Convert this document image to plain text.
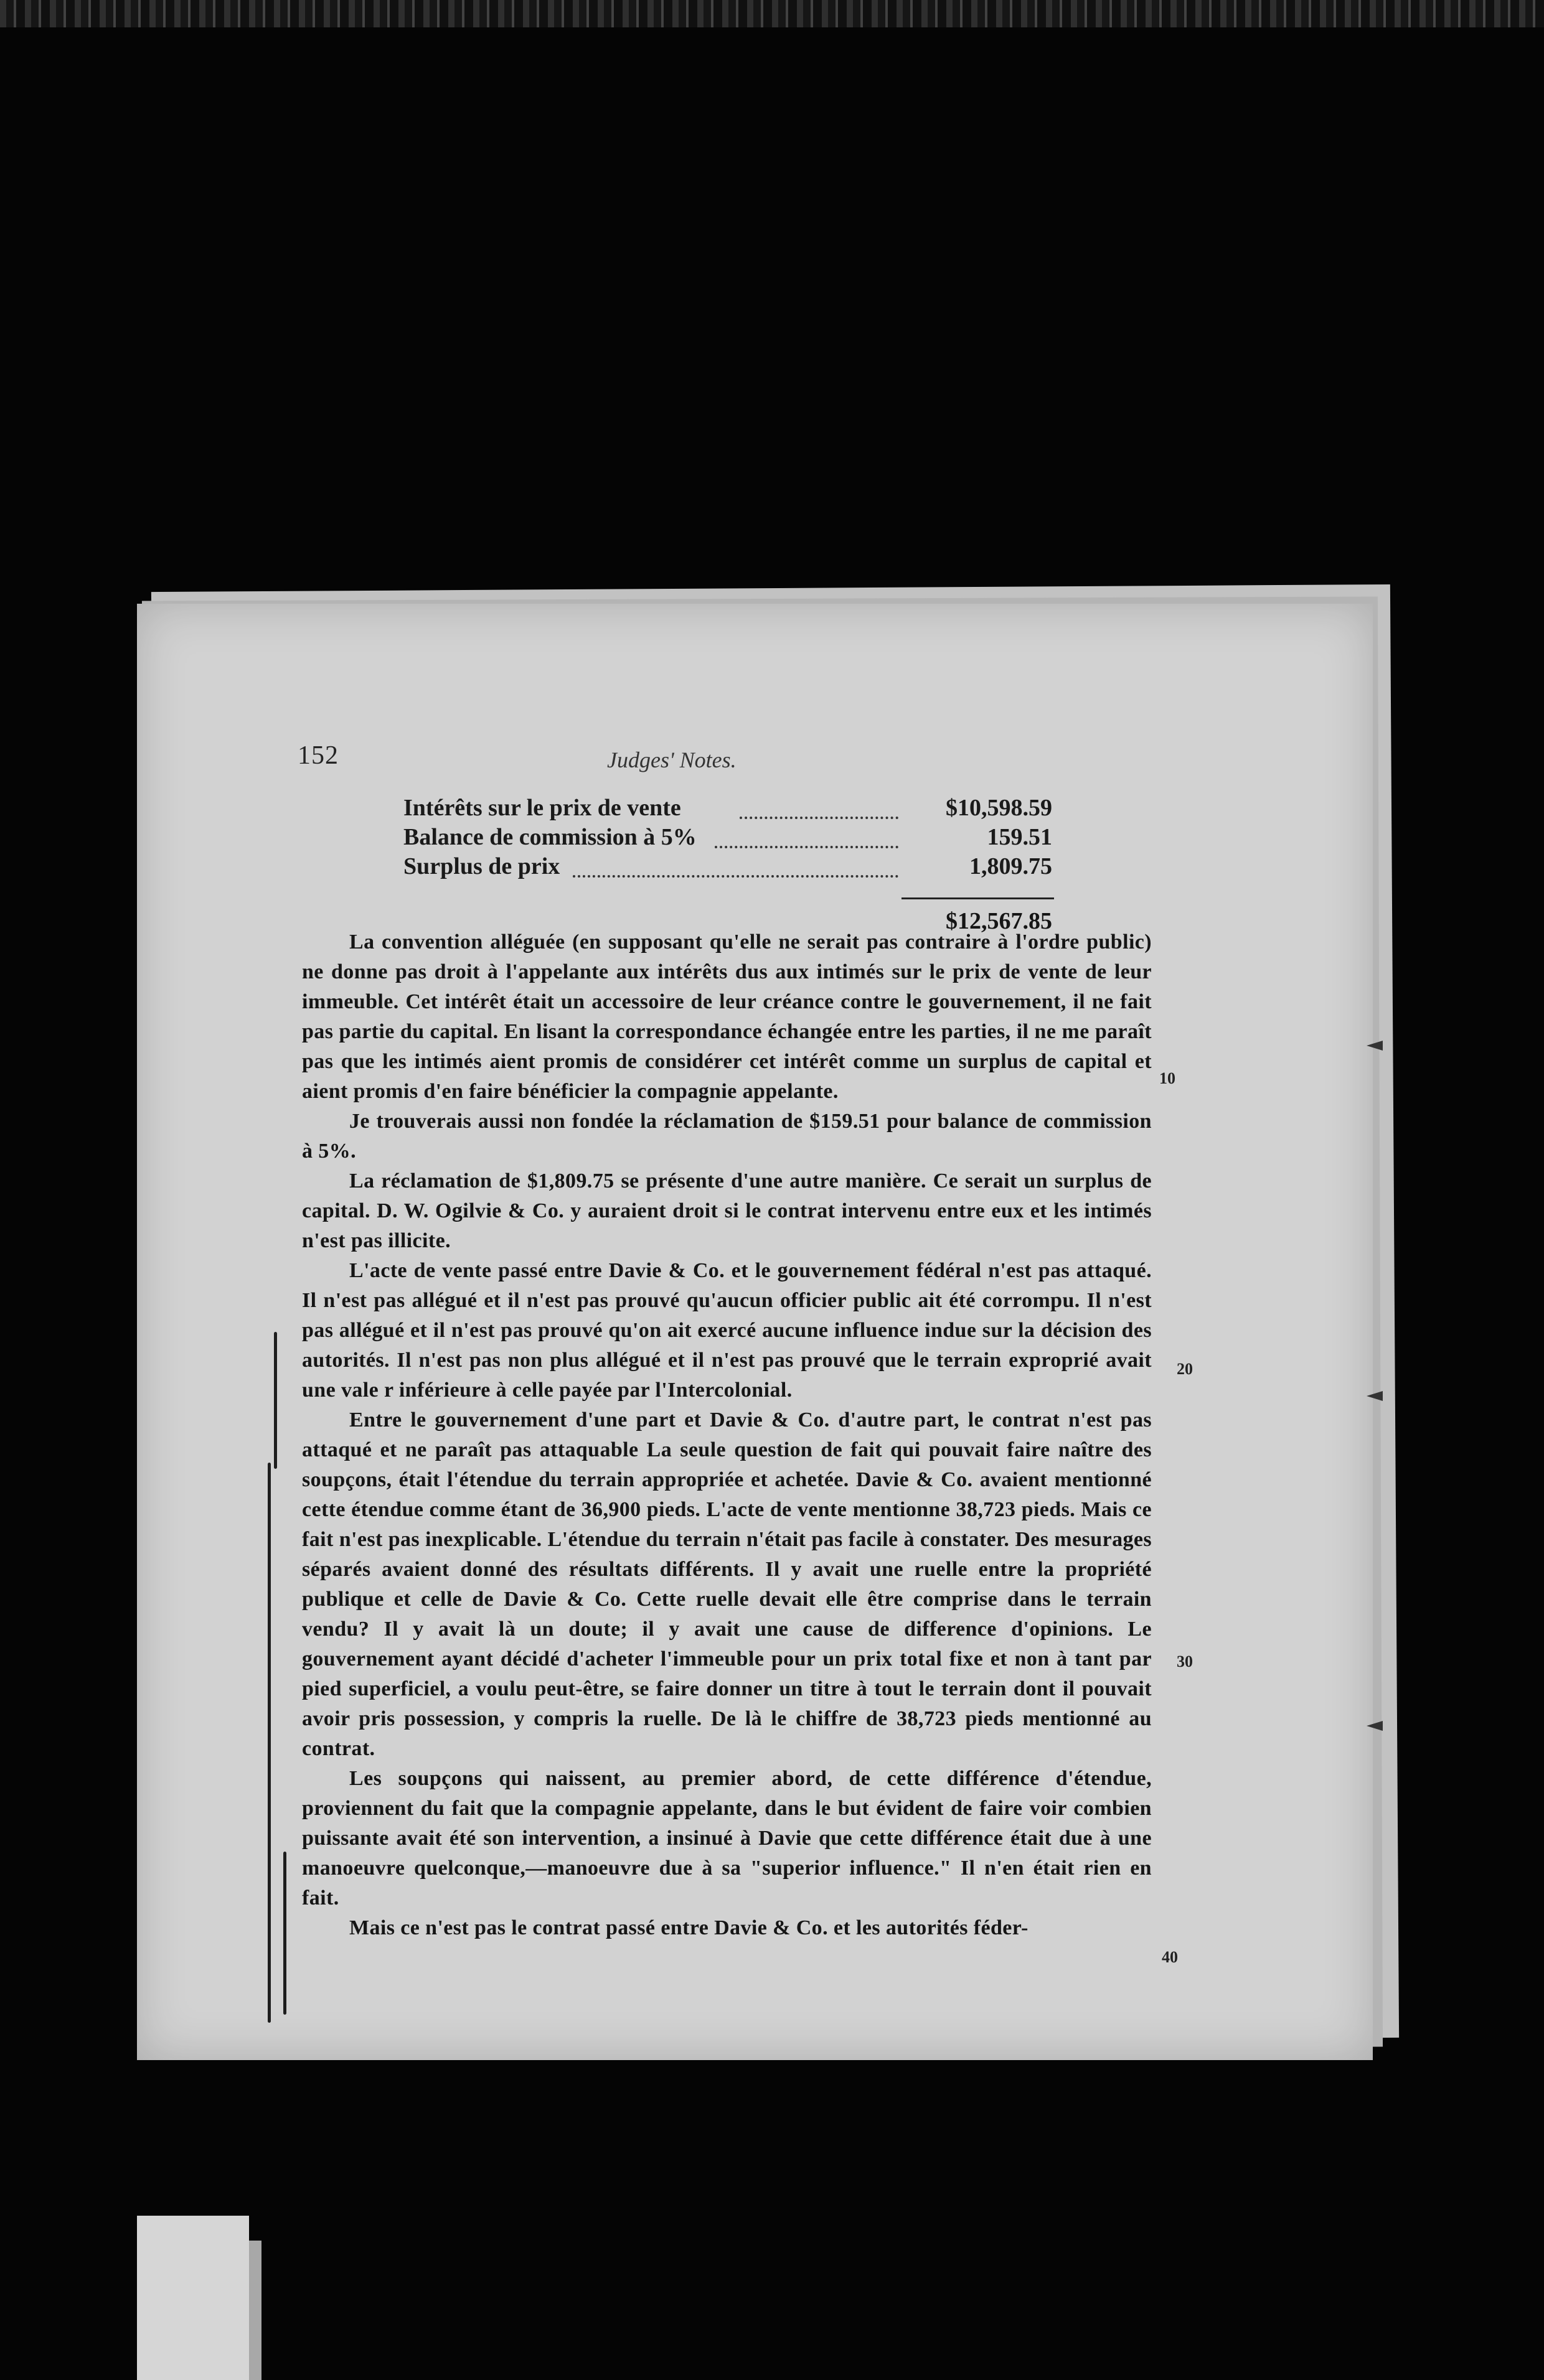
152	Judges' Notes.
Intérêts sur le prix de vente	$10,598.59
Balance de commission à 5%	159.51
Surplus de prix	1,809.75
$12,567.85

La convention alléguée (en supposant qu'elle ne serait pas contraire à l'ordre public) ne donne pas droit à l'appelante aux intérêts dus aux intimés sur le prix de vente de leur immeuble. Cet intérêt était un accessoire de leur créance contre le gouvernement, il ne fait pas partie du capital. En lisant la correspondance échangée entre les parties, il ne me paraît pas que les intimés aient promis de considérer cet intérêt comme un surplus de capital et aient promis d'en faire bénéficier la compagnie appelante.

Je trouverais aussi non fondée la réclamation de $159.51 pour balance de commission à 5%.

La réclamation de $1,809.75 se présente d'une autre manière. Ce serait un surplus de capital. D. W. Ogilvie & Co. y auraient droit si le contrat intervenu entre eux et les intimés n'est pas illicite.

L'acte de vente passé entre Davie & Co. et le gouvernement fédéral n'est pas attaqué. Il n'est pas allégué et il n'est pas prouvé qu'aucun officier public ait été corrompu. Il n'est pas allégué et il n'est pas prouvé qu'on ait exercé aucune influence indue sur la décision des autorités. Il n'est pas non plus allégué et il n'est pas prouvé que le terrain exproprié avait une vale r inférieure à celle payée par l'Intercolonial.

Entre le gouvernement d'une part et Davie & Co. d'autre part, le contrat n'est pas attaqué et ne paraît pas attaquable La seule question de fait qui pouvait faire naître des soupçons, était l'étendue du terrain appropriée et achetée. Davie & Co. avaient mentionné cette étendue comme étant de 36,900 pieds. L'acte de vente mentionne 38,723 pieds. Mais ce fait n'est pas inexplicable. L'étendue du terrain n'était pas facile à constater. Des mesurages séparés avaient donné des résultats différents. Il y avait une ruelle entre la propriété publique et celle de Davie & Co. Cette ruelle devait elle être comprise dans le terrain vendu? Il y avait là un doute; il y avait une cause de difference d'opinions. Le gouvernement ayant décidé d'acheter l'immeuble pour un prix total fixe et non à tant par pied superficiel, a voulu peut-être, se faire donner un titre à tout le terrain dont il pouvait avoir pris possession, y compris la ruelle. De là le chiffre de 38,723 pieds mentionné au contrat.

Les soupçons qui naissent, au premier abord, de cette différence d'étendue, proviennent du fait que la compagnie appelante, dans le but évident de faire voir combien puissante avait été son intervention, a insinué à Davie que cette différence était due à une manoeuvre quelconque,—manoeuvre due à sa "superior influence." Il n'en était rien en fait.

Mais ce n'est pas le contrat passé entre Davie & Co. et les autorités féder-

10
20
30
40
